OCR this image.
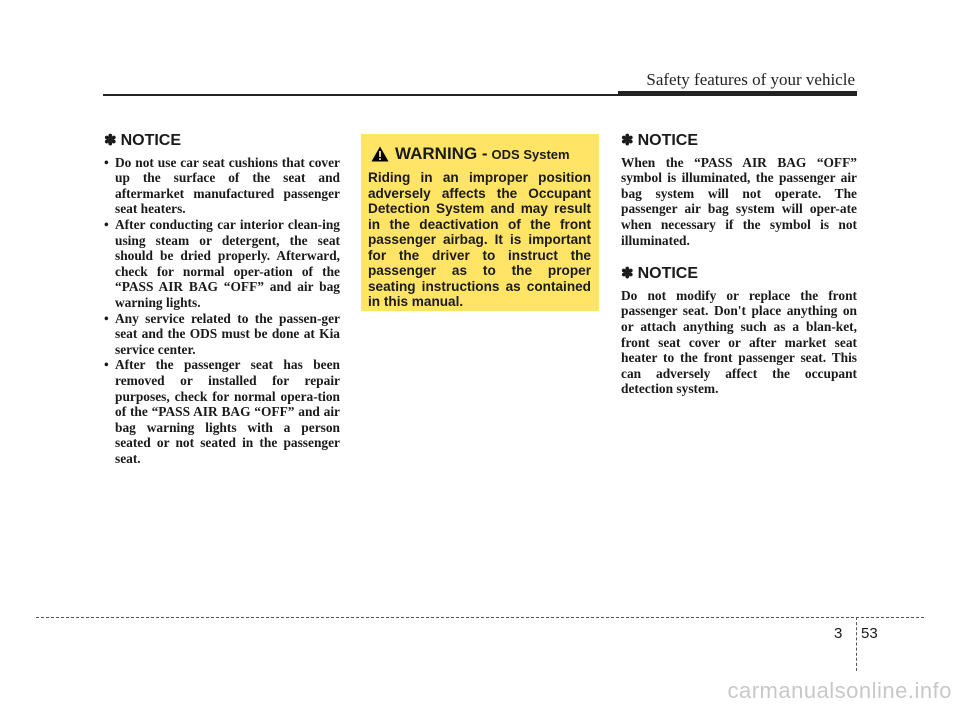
Safety features of your vehicle
✽ NOTICE
• Do not use car seat cushions that cover up the surface of the seat and aftermarket manufactured passenger seat heaters.
• After conducting car interior clean-ing using steam or detergent, the seat should be dried properly. Afterward, check for normal oper-ation of the “PASS AIR BAG “OFF” and air bag warning lights.
• Any service related to the passen-ger seat and the ODS must be done at Kia service center.
• After the passenger seat has been removed or installed for repair purposes, check for normal opera-tion of the “PASS AIR BAG “OFF” and air bag warning lights with a person seated or not seated in the passenger seat.
WARNING - ODS System
Riding in an improper position adversely affects the Occupant Detection System and may result in the deactivation of the front passenger airbag. It is important for the driver to instruct the passenger as to the proper seating instructions as contained in this manual.
✽ NOTICE

When the “PASS AIR BAG “OFF” symbol is illuminated, the passenger air bag system will not operate. The passenger air bag system will oper-ate when necessary if the symbol is not illuminated.

✽ NOTICE

Do not modify or replace the front passenger seat. Don't place anything on or attach anything such as a blan-ket, front seat cover or after market seat heater to the front passenger seat. This can adversely affect the occupant detection system.

3 53
carmanualsonline.info
